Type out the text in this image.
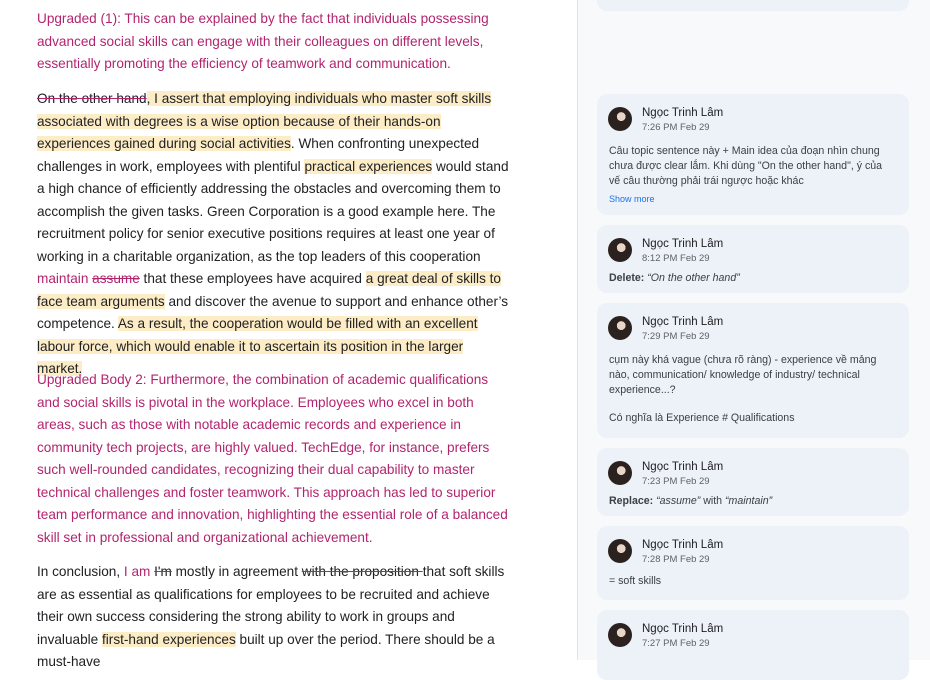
Upgraded (1): This can be explained by the fact that individuals possessing advanced social skills can engage with their colleagues on different levels, essentially promoting the efficiency of teamwork and communication.

On the other hand, I assert that employing individuals who master soft skills associated with degrees is a wise option because of their hands-on experiences gained during social activities. When confronting unexpected challenges in work, employees with plentiful practical experiences would stand a high chance of efficiently addressing the obstacles and overcoming them to accomplish the given tasks. Green Corporation is a good example here. The recruitment policy for senior executive positions requires at least one year of working in a charitable organization, as the top leaders of this cooperation maintain assume that these employees have acquired a great deal of skills to face team arguments and discover the avenue to support and enhance other’s competence. As a result, the cooperation would be filled with an excellent labour force, which would enable it to ascertain its position in the larger market.

Upgraded Body 2: Furthermore, the combination of academic qualifications and social skills is pivotal in the workplace. Employees who excel in both areas, such as those with notable academic records and experience in community tech projects, are highly valued. TechEdge, for instance, prefers such well-rounded candidates, recognizing their dual capability to master technical challenges and foster teamwork. This approach has led to superior team performance and innovation, highlighting the essential role of a balanced skill set in professional and organizational achievement.

In conclusion, I am I'm mostly in agreement with the proposition that soft skills are as essential as qualifications for employees to be recruited and achieve their own success considering the strong ability to work in groups and invaluable first-hand experiences built up over the period. There should be a must-have

Ngọc Trinh Lâm
7:26 PM Feb 29
Câu topic sentence này + Main idea của đoạn nhìn chung chưa được clear lắm. Khi dùng "On the other hand", ý của vế câu thường phải trái ngược hoặc khác
Show more
Ngọc Trinh Lâm
8:12 PM Feb 29
Delete: “On the other hand”
Ngọc Trinh Lâm
7:29 PM Feb 29
cụm này khá vague (chưa rõ ràng) - experience về mảng nào, communication/ knowledge of industry/ technical experience...?
Có nghĩa là Experience # Qualifications
Ngọc Trinh Lâm
7:23 PM Feb 29
Replace: “assume” with “maintain”
Ngọc Trinh Lâm
7:28 PM Feb 29
= soft skills
Ngọc Trinh Lâm
7:27 PM Feb 29
